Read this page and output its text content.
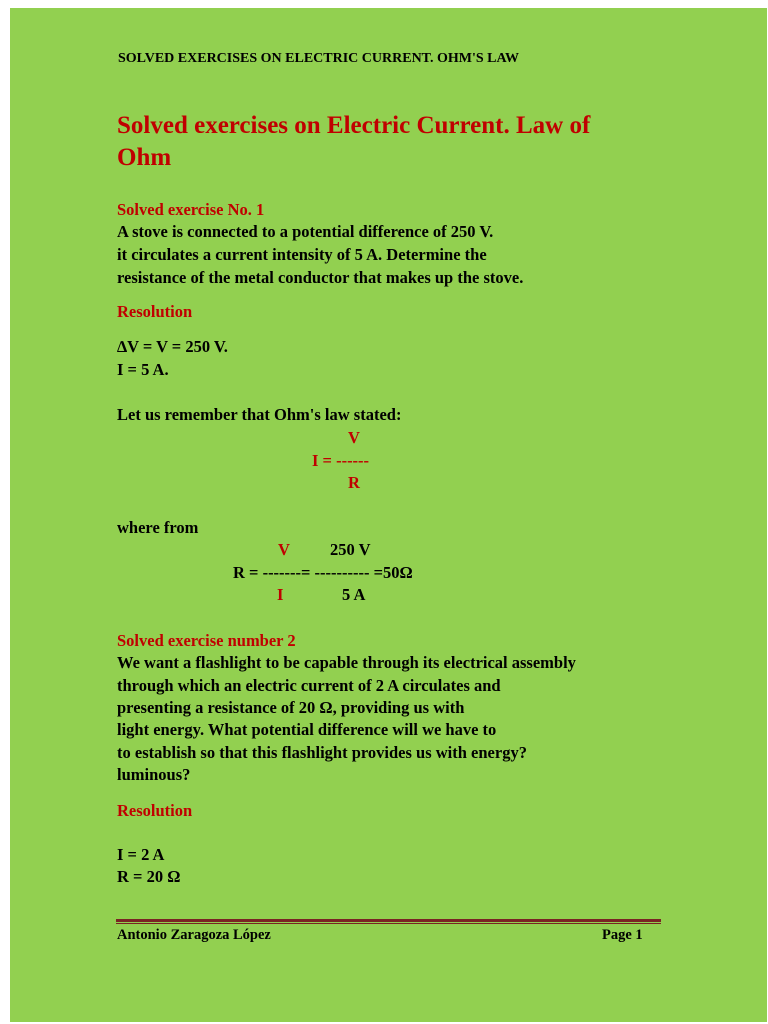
SOLVED EXERCISES ON ELECTRIC CURRENT. OHM'S LAW
Solved exercises on Electric Current. Law of
Ohm
Solved exercise No. 1
A stove is connected to a potential difference of 250 V.
it circulates a current intensity of 5 A. Determine the
resistance of the metal conductor that makes up the stove.
Resolution
∆V = V = 250 V.
I = 5 A.
Let us remember that Ohm's law stated:
V
I = ------
R
where from
V 250 V
R = -------= ---------- =50Ω
I	5 A
Solved exercise number 2
We want a flashlight to be capable through its electrical assembly
through which an electric current of 2 A circulates and
presenting a resistance of 20 Ω, providing us with
light energy. What potential difference will we have to
to establish so that this flashlight provides us with energy?
luminous?
Resolution
I = 2 A
R = 20 Ω
Antonio Zaragoza López	Page 1
